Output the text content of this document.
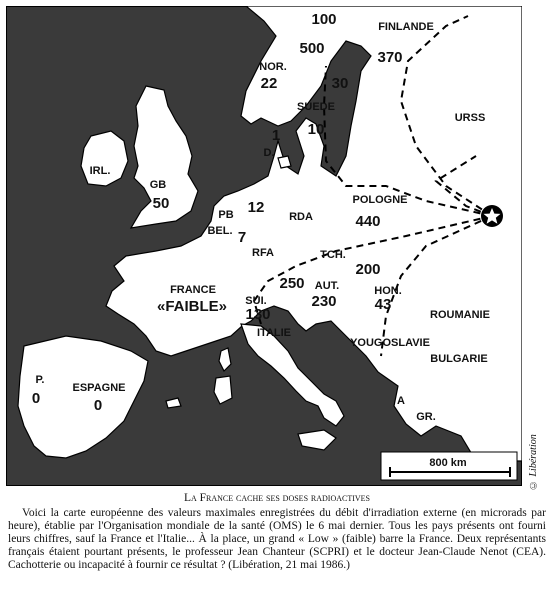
800 km
FINLANDE
370
URSS
100
500
NOR.
22	30
SUEDE
10
1
D.
IRL.
GB
50
PB 12
BEL. 7
RFA
RDA
POLOGNE
440
TCH.
200
FRANCE
«FAIBLE»
250 AUT.
230
HON.
43
SUI.
130	ROUMANIE
ITALIE
YOUGOSLAVIE
BULGARIE
P.
0
ESPAGNE
0	A
GR.
© Libération
La France cache ses doses radioactives
Voici la carte européenne des valeurs maximales enregistrées du débit d'irradiation externe (en microrads par heure), établie par l'Organisation mondiale de la santé (OMS) le 6 mai dernier. Tous les pays présents ont fourni leurs chiffres, sauf la France et l'Italie... À la place, un grand « Low » (faible) barre la France. Deux représentants français étaient pourtant présents, le professeur Jean Chanteur (SCPRI) et le docteur Jean-Claude Nenot (CEA). Cachotterie ou incapacité à fournir ce résultat ? (Libération, 21 mai 1986.)
